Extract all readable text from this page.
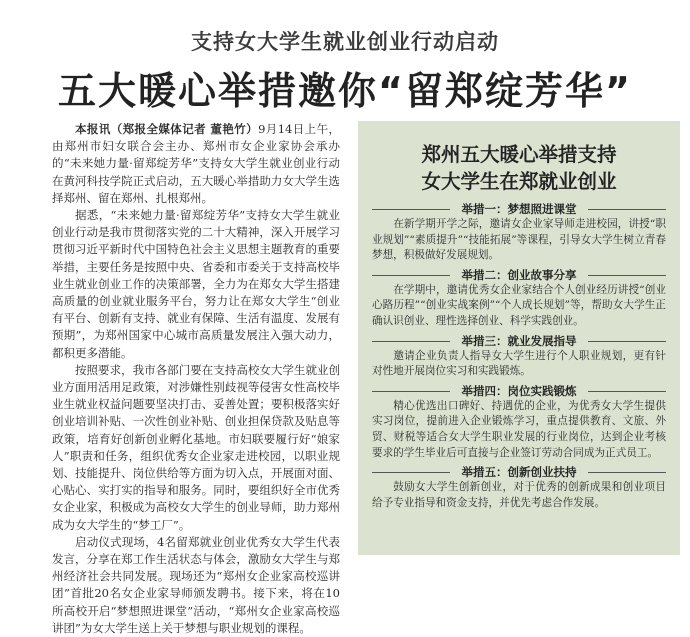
支持女大学生就业创业行动启动
五大暖心举措邀你“留郑绽芳华”

本报讯（郑报全媒体记者 董艳竹）9月14日上午，由郑州市妇女联合会主办、郑州市女企业家协会承办的“未来她力量·留郑绽芳华”支持女大学生就业创业行动在黄河科技学院正式启动，五大暖心举措助力女大学生选择郑州、留在郑州、扎根郑州。

据悉，“未来她力量·留郑绽芳华”支持女大学生就业创业行动是我市贯彻落实党的二十大精神，深入开展学习贯彻习近平新时代中国特色社会主义思想主题教育的重要举措，主要任务是按照中央、省委和市委关于支持高校毕业生就业创业工作的决策部署，全力为在郑女大学生搭建高质量的创业就业服务平台，努力让在郑女大学生“创业有平台、创新有支持、就业有保障、生活有温度、发展有预期”，为郑州国家中心城市高质量发展注入强大动力，都积更多潜能。

按照要求，我市各部门要在支持高校女大学生就业创业方面用活用足政策，对涉嫌性别歧视等侵害女性高校毕业生就业权益问题要坚决打击、妥善处置；要积极落实好创业培训补贴、一次性创业补贴、创业担保贷款及贴息等政策，培育好创新创业孵化基地。市妇联要履行好“娘家人”职责和任务，组织优秀女企业家走进校园，以职业规划、技能提升、岗位供给等方面为切入点，开展面对面、心贴心、实打实的指导和服务。同时，要组织好全市优秀女企业家，积极成为高校女大学生的创业导师，助力郑州成为女大学生的“梦工厂”。

启动仪式现场，4名留郑就业创业优秀女大学生代表发言，分享在郑工作生活状态与体会，激励女大学生与郑州经济社会共同发展。现场还为“郑州女企业家高校巡讲团”首批20名女企业家导师颁发聘书。接下来，将在10所高校开启“梦想照进课堂”活动，“郑州女企业家高校巡讲团”为女大学生送上关于梦想与职业规划的课程。

郑州五大暖心举措支持
女大学生在郑就业创业
举措一：梦想照进课堂
在新学期开学之际，邀请女企业家导师走进校园，讲授“职业规划”“素质提升”“技能拓展”等课程，引导女大学生树立青春梦想，积极做好发展规划。
举措二：创业故事分享
在学期中，邀请优秀女企业家结合个人创业经历讲授“创业心路历程”“创业实战案例”“个人成长规划”等，帮助女大学生正确认识创业、理性选择创业、科学实践创业。
举措三：就业发展指导
邀请企业负责人指导女大学生进行个人职业规划，更有针对性地开展岗位实习和实践锻炼。
举措四：岗位实践锻炼
精心优选出口碑好、持遇优的企业，为优秀女大学生提供实习岗位，提前进入企业锻炼学习，重点提供教育、文旅、外贸、财税等适合女大学生职业发展的行业岗位，达到企业考核要求的学生毕业后可直接与企业签订劳动合同成为正式员工。
举措五：创新创业扶持
鼓励女大学生创新创业，对于优秀的创新成果和创业项目给予专业指导和资金支持，并优先考虑合作发展。
